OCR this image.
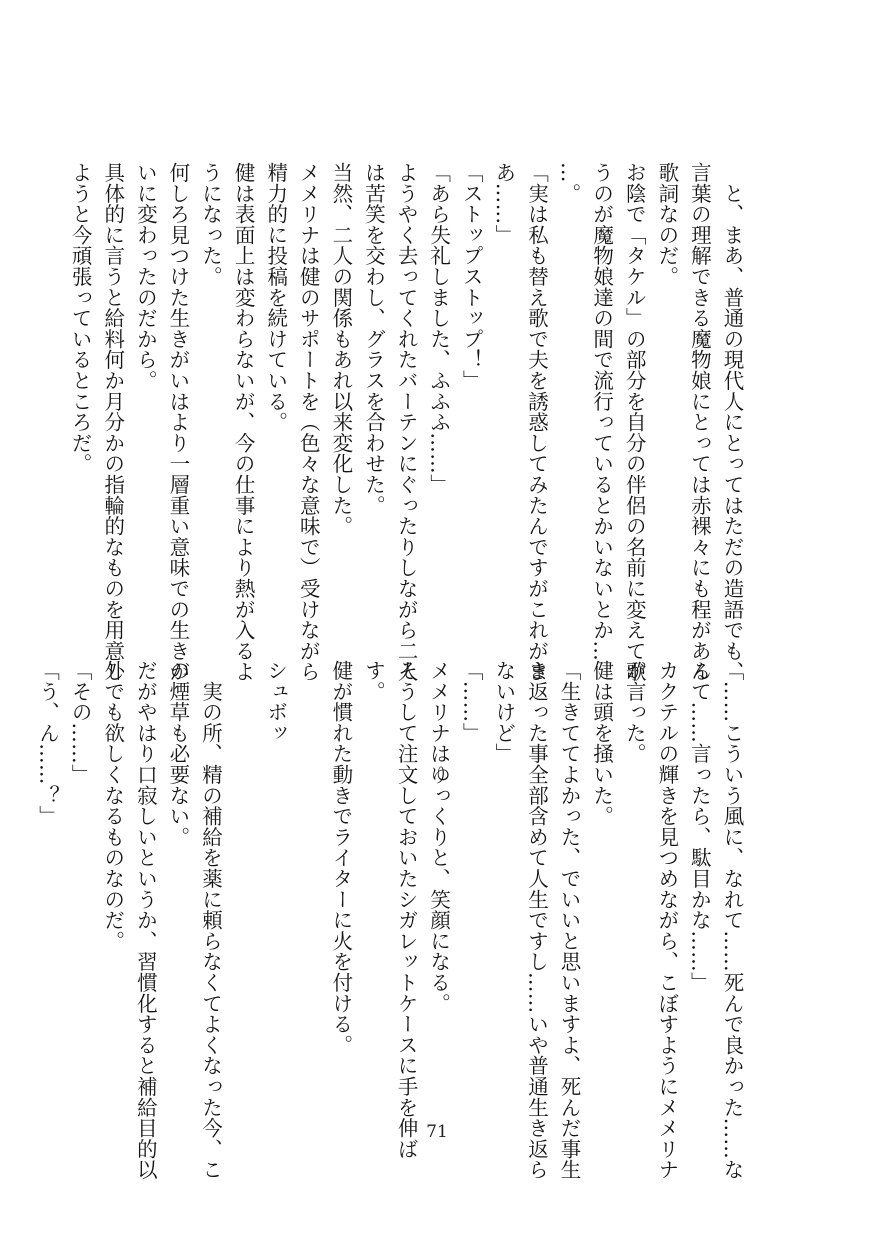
　と、まあ、普通の現代人にとってはただの造語でも、
言葉の理解できる魔物娘にとっては赤裸々にも程がある
歌詞なのだ。
お陰で「タケル」の部分を自分の伴侶の名前に変えて歌
うのが魔物娘達の間で流行っているとかいないとか…
…。
「実は私も替え歌で夫を誘惑してみたんですがこれがま
あ……」
「ストップストップ！」
「あら失礼しました、ふふふ……」
ようやく去ってくれたバーテンにぐったりしながら二人
は苦笑を交わし、グラスを合わせた。
当然、二人の関係もあれ以来変化した。
メメリナは健のサポートを（色々な意味で）受けながら
精力的に投稿を続けている。
健は表面上は変わらないが、今の仕事により熱が入るよ
うになった。
何しろ見つけた生きがいはより一層重い意味での生きが
いに変わったのだから。
具体的に言うと給料何か月分かの指輪的なものを用意し
ようと今頑張っているところだ。
「……こういう風に、なれて……死んで良かった……な
んて……言ったら、駄目かな……」
カクテルの輝きを見つめながら、こぼすようにメメリナ
が言った。
健は頭を掻いた。
「生きててよかった、でいいと思いますよ、死んだ事生
き返った事全部含めて人生ですし……いや普通生き返ら
ないけど」
「……」
メメリナはゆっくりと、笑顔になる。
そうして注文しておいたシガレットケースに手を伸ば
す。
健が慣れた動きでライターに火を付ける。
シュボッ
　実の所、精の補給を薬に頼らなくてよくなった今、こ
の煙草も必要ない。
だがやはり口寂しいというか、習慣化すると補給目的以
外でも欲しくなるものなのだ。
「その……」
「う、ん……？」
71
